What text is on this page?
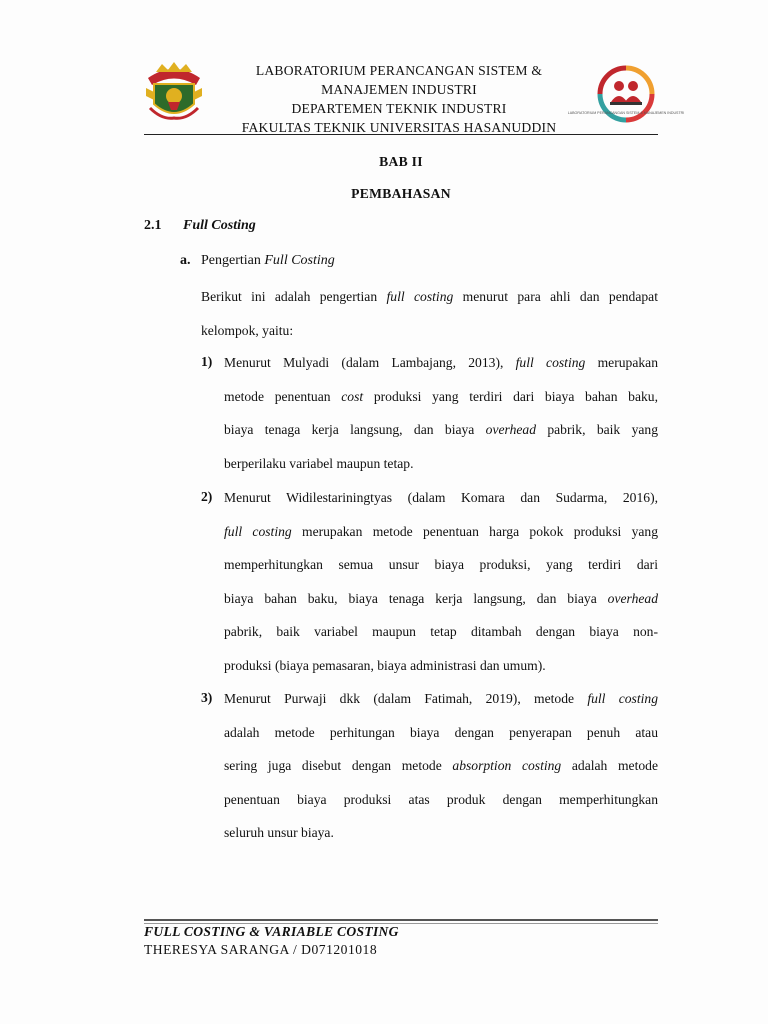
LABORATORIUM PERANCANGAN SISTEM &
MANAJEMEN INDUSTRI
DEPARTEMEN TEKNIK INDUSTRI
FAKULTAS TEKNIK UNIVERSITAS HASANUDDIN
LABORATORIUM PERANCANGAN SISTEM & MANAJEMEN INDUSTRI
BAB II
PEMBAHASAN
2.1 Full Costing
a. Pengertian Full Costing
Berikut ini adalah pengertian full costing menurut para ahli dan pendapat
kelompok, yaitu:
1) Menurut Mulyadi (dalam Lambajang, 2013), full costing merupakan
metode penentuan cost produksi yang terdiri dari biaya bahan baku,
biaya tenaga kerja langsung, dan biaya overhead pabrik, baik yang
berperilaku variabel maupun tetap.
2) Menurut Widilestariningtyas (dalam Komara dan Sudarma, 2016),
full costing merupakan metode penentuan harga pokok produksi yang
memperhitungkan semua unsur biaya produksi, yang terdiri dari
biaya bahan baku, biaya tenaga kerja langsung, dan biaya overhead
pabrik, baik variabel maupun tetap ditambah dengan biaya non-
produksi (biaya pemasaran, biaya administrasi dan umum).
3) Menurut Purwaji dkk (dalam Fatimah, 2019), metode full costing
adalah metode perhitungan biaya dengan penyerapan penuh atau
sering juga disebut dengan metode absorption costing adalah metode
penentuan biaya produksi atas produk dengan memperhitungkan
seluruh unsur biaya.
FULL COSTING & VARIABLE COSTING
THERESYA SARANGA / D071201018
